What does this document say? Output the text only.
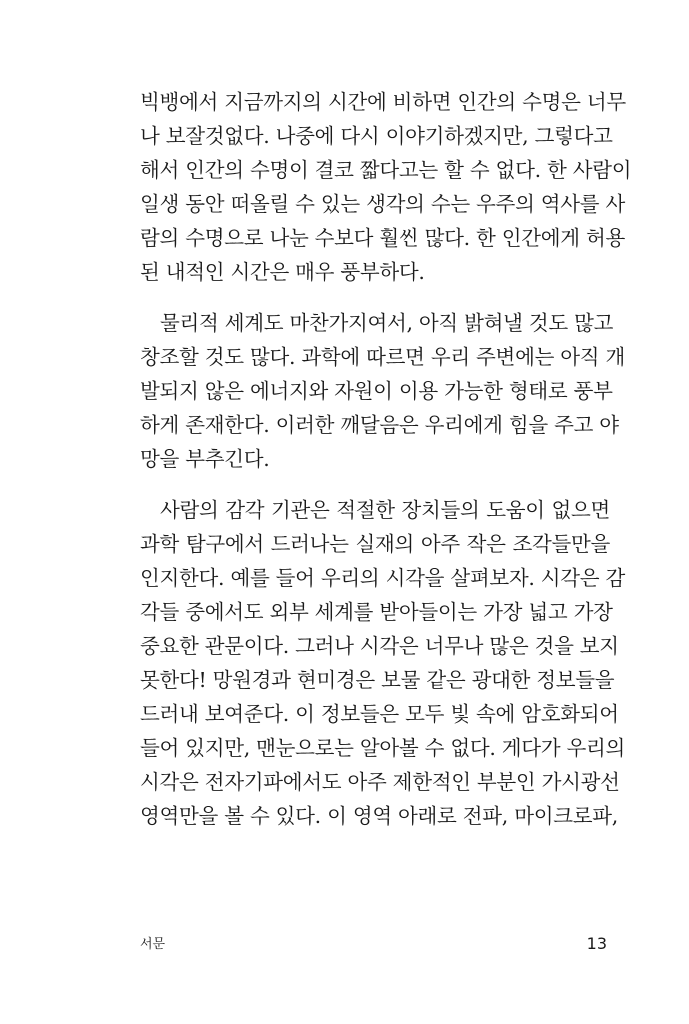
빅뱅에서 지금까지의 시간에 비하면 인간의 수명은 너무
나 보잘것없다. 나중에 다시 이야기하겠지만, 그렇다고
해서 인간의 수명이 결코 짧다고는 할 수 없다. 한 사람이
일생 동안 떠올릴 수 있는 생각의 수는 우주의 역사를 사
람의 수명으로 나눈 수보다 훨씬 많다. 한 인간에게 허용
된 내적인 시간은 매우 풍부하다.
물리적 세계도 마찬가지여서, 아직 밝혀낼 것도 많고
창조할 것도 많다. 과학에 따르면 우리 주변에는 아직 개
발되지 않은 에너지와 자원이 이용 가능한 형태로 풍부
하게 존재한다. 이러한 깨달음은 우리에게 힘을 주고 야
망을 부추긴다.
사람의 감각 기관은 적절한 장치들의 도움이 없으면
과학 탐구에서 드러나는 실재의 아주 작은 조각들만을
인지한다. 예를 들어 우리의 시각을 살펴보자. 시각은 감
각들 중에서도 외부 세계를 받아들이는 가장 넓고 가장
중요한 관문이다. 그러나 시각은 너무나 많은 것을 보지
못한다! 망원경과 현미경은 보물 같은 광대한 정보들을
드러내 보여준다. 이 정보들은 모두 빛 속에 암호화되어
들어 있지만, 맨눈으로는 알아볼 수 없다. 게다가 우리의
시각은 전자기파에서도 아주 제한적인 부분인 가시광선
영역만을 볼 수 있다. 이 영역 아래로 전파, 마이크로파,
서문	13
